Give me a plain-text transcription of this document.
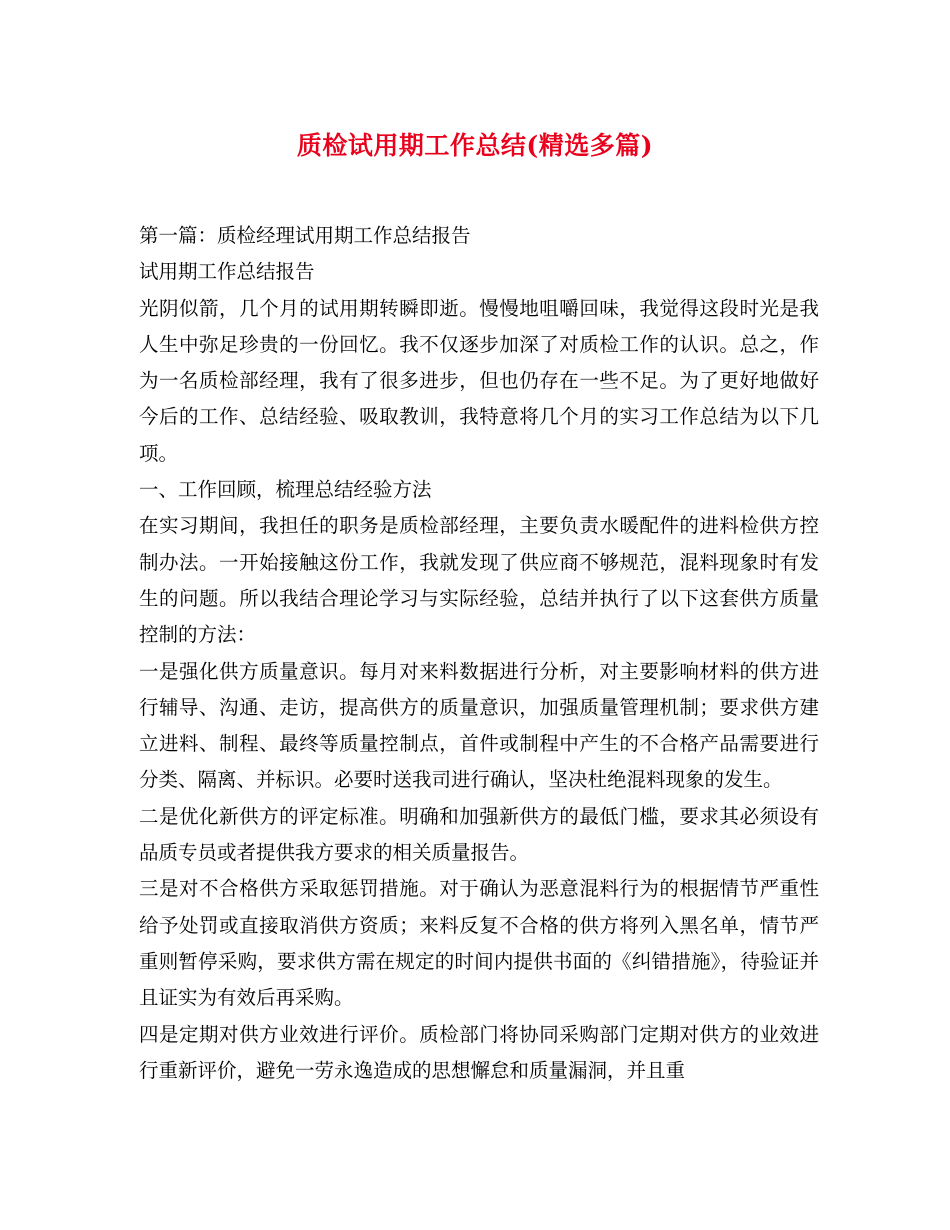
质检试用期工作总结(精选多篇)

第一篇：质检经理试用期工作总结报告

试用期工作总结报告

光阴似箭，几个月的试用期转瞬即逝。慢慢地咀嚼回味，我觉得这段时光是我人生中弥足珍贵的一份回忆。我不仅逐步加深了对质检工作的认识。总之，作为一名质检部经理，我有了很多进步，但也仍存在一些不足。为了更好地做好今后的工作、总结经验、吸取教训，我特意将几个月的实习工作总结为以下几项。

一、工作回顾，梳理总结经验方法

在实习期间，我担任的职务是质检部经理，主要负责水暖配件的进料检供方控制办法。一开始接触这份工作，我就发现了供应商不够规范，混料现象时有发生的问题。所以我结合理论学习与实际经验，总结并执行了以下这套供方质量控制的方法：

一是强化供方质量意识。每月对来料数据进行分析，对主要影响材料的供方进行辅导、沟通、走访，提高供方的质量意识，加强质量管理机制；要求供方建立进料、制程、最终等质量控制点，首件或制程中产生的不合格产品需要进行分类、隔离、并标识。必要时送我司进行确认，坚决杜绝混料现象的发生。

二是优化新供方的评定标准。明确和加强新供方的最低门槛，要求其必须设有品质专员或者提供我方要求的相关质量报告。

三是对不合格供方采取惩罚措施。对于确认为恶意混料行为的根据情节严重性给予处罚或直接取消供方资质；来料反复不合格的供方将列入黑名单，情节严重则暂停采购，要求供方需在规定的时间内提供书面的《纠错措施》，待验证并且证实为有效后再采购。

四是定期对供方业效进行评价。质检部门将协同采购部门定期对供方的业效进行重新评价，避免一劳永逸造成的思想懈怠和质量漏洞，并且重
